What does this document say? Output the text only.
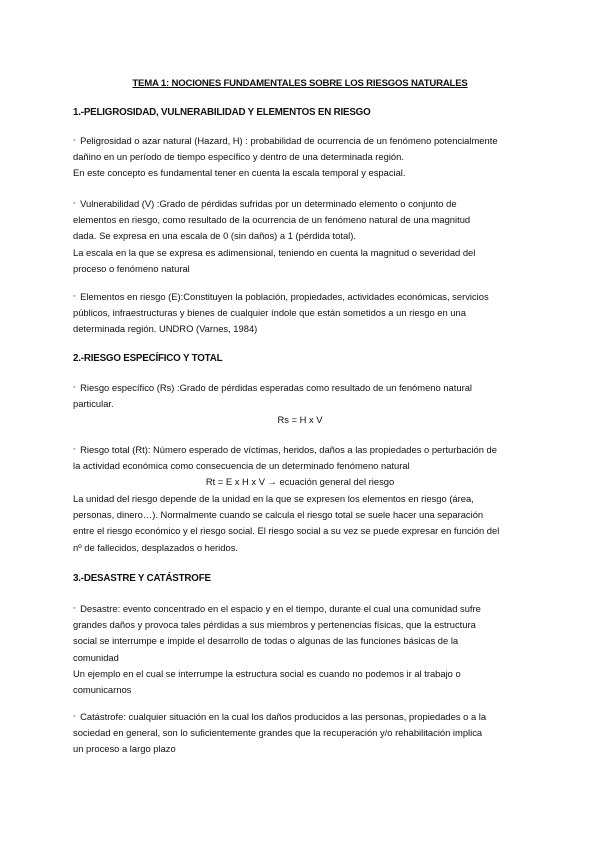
TEMA 1: NOCIONES FUNDAMENTALES SOBRE LOS RIESGOS NATURALES
1.-PELIGROSIDAD, VULNERABILIDAD Y ELEMENTOS EN RIESGO
◦ Peligrosidad o azar natural (Hazard, H) : probabilidad de ocurrencia de un fenómeno potencialmente
dañino en un período de tiempo específico y dentro de una determinada región.
En este concepto es fundamental tener en cuenta la escala temporal y espacial.
◦ Vulnerabilidad (V) :Grado de pérdidas sufridas por un determinado elemento o conjunto de
elementos en riesgo, como resultado de la ocurrencia de un fenómeno natural de una magnitud
dada. Se expresa en una escala de 0 (sin daños) a 1 (pérdida total).
La escala en la que se expresa es adimensional, teniendo en cuenta la magnitud o severidad del
proceso o fenómeno natural
◦ Elementos en riesgo (E):Constituyen la población, propiedades, actividades económicas, servicios
públicos, infraestructuras y bienes de cualquier índole que están sometidos a un riesgo en una
determinada región. UNDRO (Varnes, 1984)
2.-RIESGO ESPECÍFICO Y TOTAL
◦ Riesgo específico (Rs) :Grado de pérdidas esperadas como resultado de un fenómeno natural
particular.
Rs = H x V
◦ Riesgo total (Rt): Número esperado de víctimas, heridos, daños a las propiedades o perturbación de
la actividad económica como consecuencia de un determinado fenómeno natural
Rt = E x H x V → ecuación general del riesgo
La unidad del riesgo depende de la unidad en la que se expresen los elementos en riesgo (área,
personas, dinero…). Normalmente cuando se calcula el riesgo total se suele hacer una separación
entre el riesgo económico y el riesgo social. El riesgo social a su vez se puede expresar en función del
nº de fallecidos, desplazados o heridos.
3.-DESASTRE Y CATÁSTROFE
◦ Desastre: evento concentrado en el espacio y en el tiempo, durante el cual una comunidad sufre
grandes daños y provoca tales pérdidas a sus miembros y pertenencias físicas, que la estructura
social se interrumpe e impide el desarrollo de todas o algunas de las funciones básicas de la
comunidad
Un ejemplo en el cual se interrumpe la estructura social es cuando no podemos ir al trabajo o
comunicarnos
◦ Catástrofe: cualquier situación en la cual los daños producidos a las personas, propiedades o a la
sociedad en general, son lo suficientemente grandes que la recuperación y/o rehabilitación implica
un proceso a largo plazo
